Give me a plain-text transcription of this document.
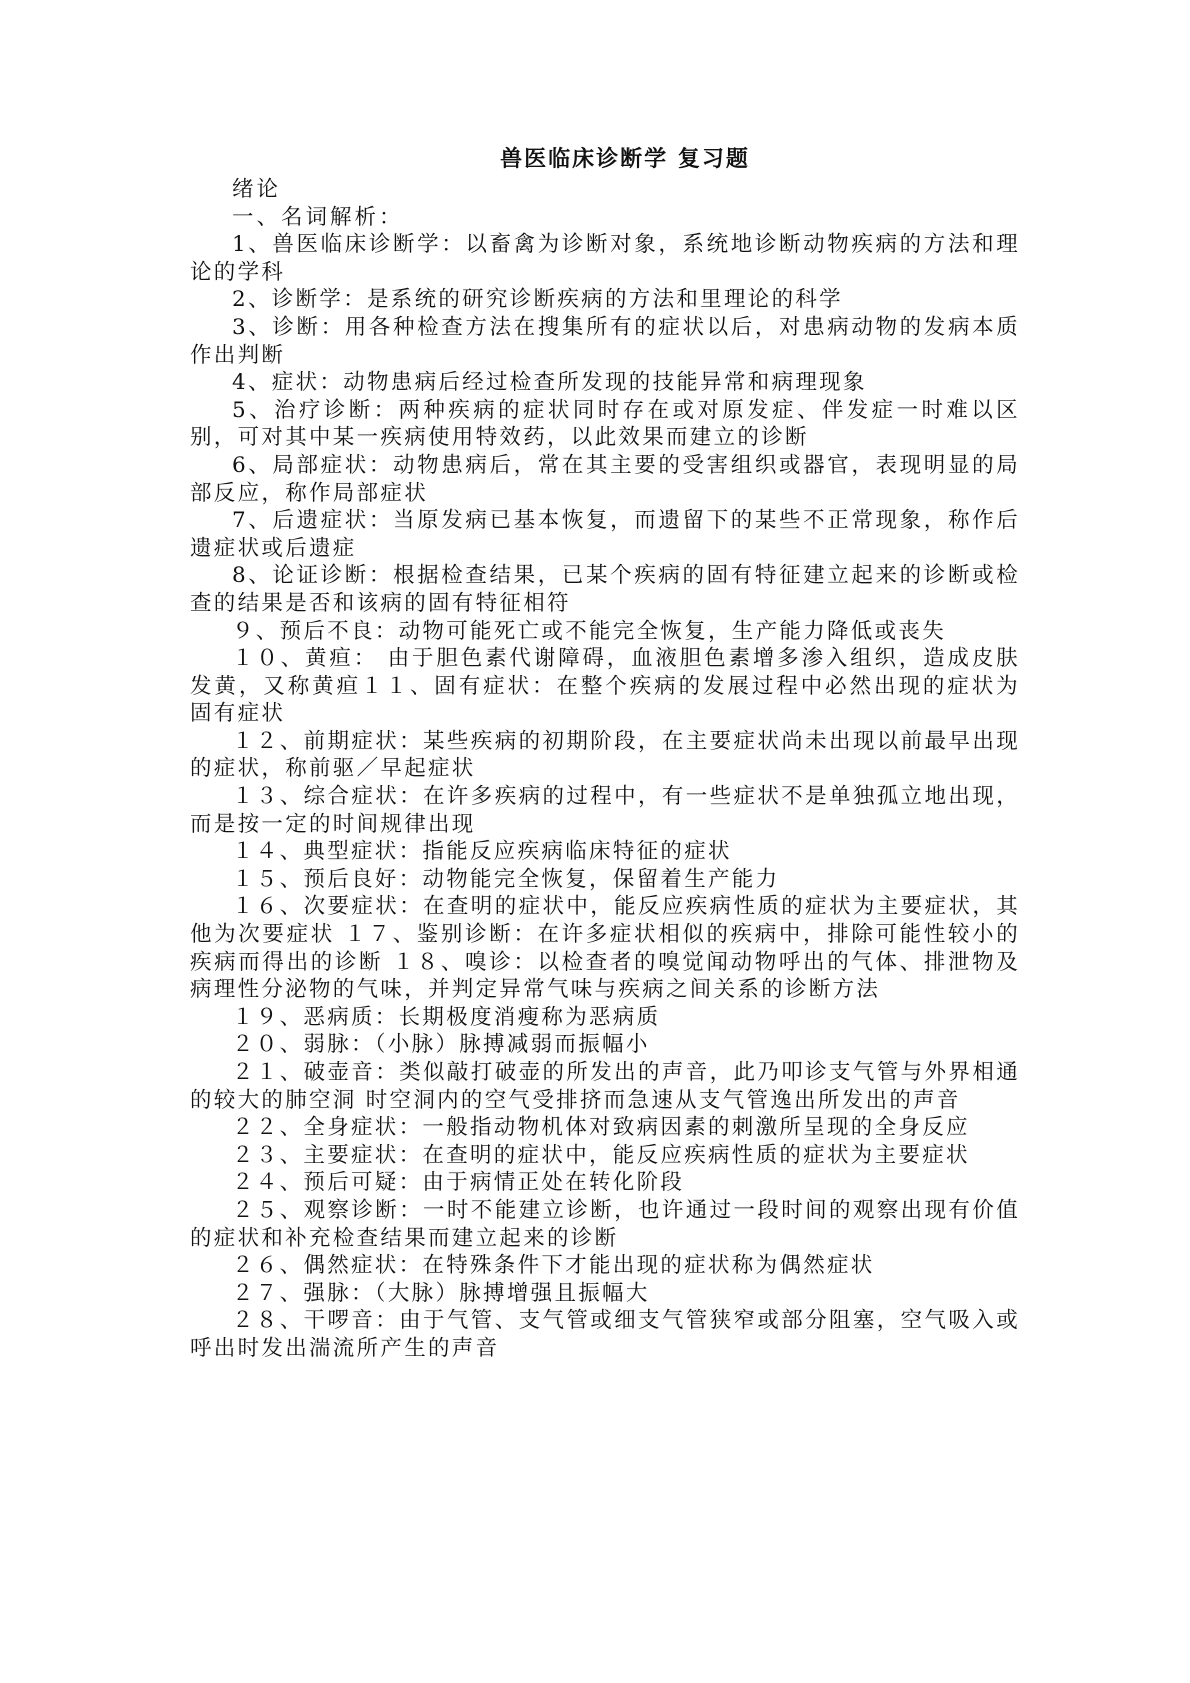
兽医临床诊断学 复习题
绪论
一、名词解析：

1、兽医临床诊断学：以畜禽为诊断对象，系统地诊断动物疾病的方法和理论的学科

2、诊断学：是系统的研究诊断疾病的方法和里理论的科学

3、诊断：用各种检查方法在搜集所有的症状以后，对患病动物的发病本质作出判断

4、症状：动物患病后经过检查所发现的技能异常和病理现象

5、治疗诊断：两种疾病的症状同时存在或对原发症、伴发症一时难以区别，可对其中某一疾病使用特效药，以此效果而建立的诊断

6、局部症状：动物患病后，常在其主要的受害组织或器官，表现明显的局部反应，称作局部症状

7、后遗症状：当原发病已基本恢复，而遗留下的某些不正常现象，称作后遗症状或后遗症

8、论证诊断：根据检查结果，已某个疾病的固有特征建立起来的诊断或检查的结果是否和该病的固有特征相符

９、预后不良：动物可能死亡或不能完全恢复，生产能力降低或丧失

１０、黄疸： 由于胆色素代谢障碍，血液胆色素增多渗入组织，造成皮肤发黄，又称黄疸１１、固有症状：在整个疾病的发展过程中必然出现的症状为固有症状

１２、前期症状：某些疾病的初期阶段，在主要症状尚未出现以前最早出现的症状，称前驱／早起症状

１３、综合症状：在许多疾病的过程中，有一些症状不是单独孤立地出现，而是按一定的时间规律出现

１４、典型症状：指能反应疾病临床特征的症状

１５、预后良好：动物能完全恢复，保留着生产能力

１６、次要症状：在查明的症状中，能反应疾病性质的症状为主要症状，其他为次要症状 １７、鉴别诊断：在许多症状相似的疾病中，排除可能性较小的疾病而得出的诊断 １８、嗅诊：以检查者的嗅觉闻动物呼出的气体、排泄物及病理性分泌物的气味，并判定异常气味与疾病之间关系的诊断方法

１９、恶病质：长期极度消瘦称为恶病质

２０、弱脉：（小脉）脉搏减弱而振幅小

２１、破壶音：类似敲打破壶的所发出的声音，此乃叩诊支气管与外界相通的较大的肺空洞 时空洞内的空气受排挤而急速从支气管逸出所发出的声音

２２、全身症状：一般指动物机体对致病因素的刺激所呈现的全身反应

２３、主要症状：在查明的症状中，能反应疾病性质的症状为主要症状

２４、预后可疑：由于病情正处在转化阶段

２５、观察诊断：一时不能建立诊断，也许通过一段时间的观察出现有价值的症状和补充检查结果而建立起来的诊断

２６、偶然症状：在特殊条件下才能出现的症状称为偶然症状

２７、强脉：（大脉）脉搏增强且振幅大

２８、干啰音：由于气管、支气管或细支气管狭窄或部分阻塞，空气吸入或呼出时发出湍流所产生的声音
